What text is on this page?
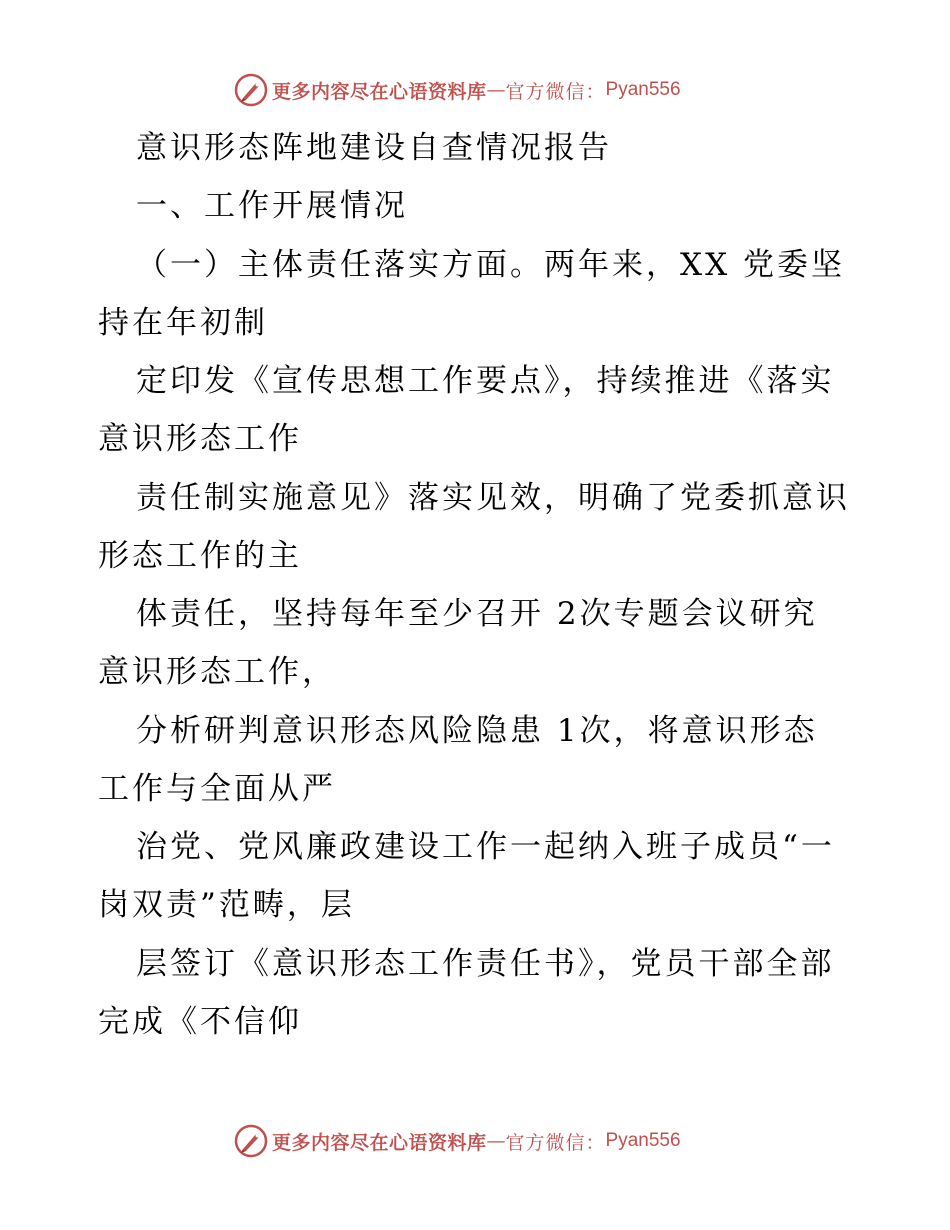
更多内容尽在心语资料库 — 官方微信： Pyan556
意识形态阵地建设自查情况报告
一、工作开展情况
（一）主体责任落实方面。两年来，XX 党委坚
持在年初制
定印发《宣传思想工作要点》，持续推进《落实
意识形态工作
责任制实施意见》落实见效，明确了党委抓意识
形态工作的主
体责任，坚持每年至少召开 2次专题会议研究
意识形态工作，
分析研判意识形态风险隐患 1次，将意识形态
工作与全面从严
治党、党风廉政建设工作一起纳入班子成员“一
岗双责”范畴，层
层签订《意识形态工作责任书》，党员干部全部
完成《不信仰
更多内容尽在心语资料库 — 官方微信： Pyan556
